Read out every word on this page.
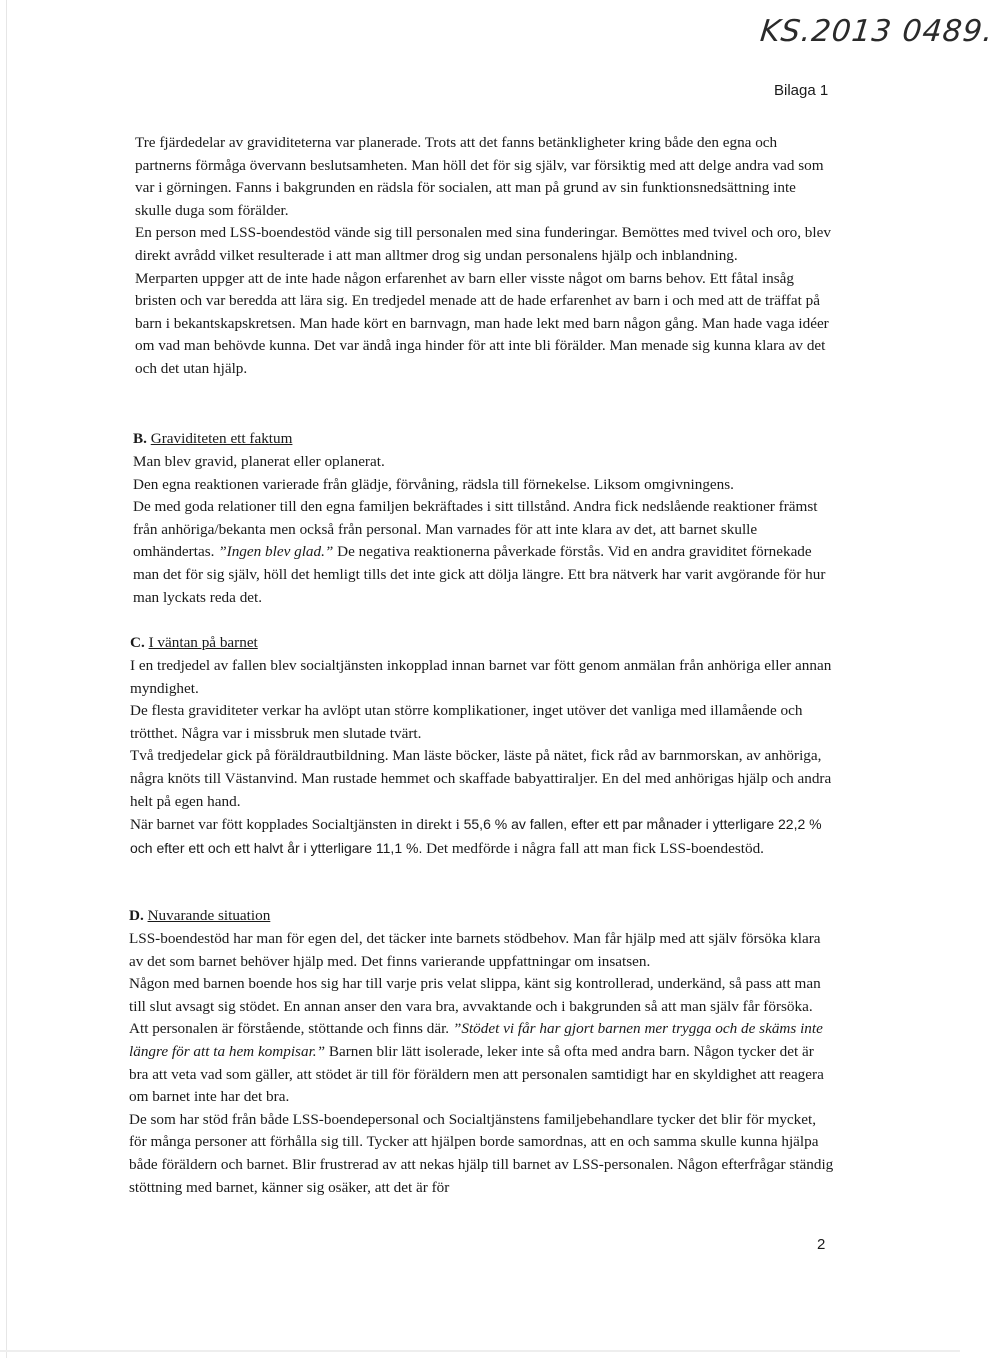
KS.2013 0489.
Bilaga 1

Tre fjärdedelar av graviditeterna var planerade. Trots att det fanns betänkligheter kring både den egna och partnerns förmåga övervann beslutsamheten. Man höll det för sig själv, var försiktig med att delge andra vad som var i görningen. Fanns i bakgrunden en rädsla för socialen, att man på grund av sin funktionsnedsättning inte skulle duga som förälder.

En person med LSS-boendestöd vände sig till personalen med sina funderingar. Bemöttes med tvivel och oro, blev direkt avrådd vilket resulterade i att man alltmer drog sig undan personalens hjälp och inblandning.

Merparten uppger att de inte hade någon erfarenhet av barn eller visste något om barns behov. Ett fåtal insåg bristen och var beredda att lära sig. En tredjedel menade att de hade erfarenhet av barn i och med att de träffat på barn i bekantskapskretsen. Man hade kört en barnvagn, man hade lekt med barn någon gång. Man hade vaga idéer om vad man behövde kunna. Det var ändå inga hinder för att inte bli förälder. Man menade sig kunna klara av det och det utan hjälp.

B. Graviditeten ett faktum

Man blev gravid, planerat eller oplanerat.

Den egna reaktionen varierade från glädje, förvåning, rädsla till förnekelse. Liksom omgivningens.

De med goda relationer till den egna familjen bekräftades i sitt tillstånd. Andra fick nedslående reaktioner främst från anhöriga/bekanta men också från personal. Man varnades för att inte klara av det, att barnet skulle omhändertas. ”Ingen blev glad.” De negativa reaktionerna påverkade förstås. Vid en andra graviditet förnekade man det för sig själv, höll det hemligt tills det inte gick att dölja längre. Ett bra nätverk har varit avgörande för hur man lyckats reda det.

C. I väntan på barnet

I en tredjedel av fallen blev socialtjänsten inkopplad innan barnet var fött genom anmälan från anhöriga eller annan myndighet.

De flesta graviditeter verkar ha avlöpt utan större komplikationer, inget utöver det vanliga med illamående och trötthet. Några var i missbruk men slutade tvärt.

Två tredjedelar gick på föräldrautbildning. Man läste böcker, läste på nätet, fick råd av barnmorskan, av anhöriga, några knöts till Västanvind. Man rustade hemmet och skaffade babyattiraljer. En del med anhörigas hjälp och andra helt på egen hand.

När barnet var fött kopplades Socialtjänsten in direkt i 55,6 % av fallen, efter ett par månader i ytterligare 22,2 % och efter ett och ett halvt år i ytterligare 11,1 %. Det medförde i några fall att man fick LSS-boendestöd.

D. Nuvarande situation

LSS-boendestöd har man för egen del, det täcker inte barnets stödbehov. Man får hjälp med att själv försöka klara av det som barnet behöver hjälp med. Det finns varierande uppfattningar om insatsen.

Någon med barnen boende hos sig har till varje pris velat slippa, känt sig kontrollerad, underkänd, så pass att man till slut avsagt sig stödet. En annan anser den vara bra, avvaktande och i bakgrunden så att man själv får försöka. Att personalen är förstående, stöttande och finns där. ”Stödet vi får har gjort barnen mer trygga och de skäms inte längre för att ta hem kompisar.” Barnen blir lätt isolerade, leker inte så ofta med andra barn. Någon tycker det är bra att veta vad som gäller, att stödet är till för föräldern men att personalen samtidigt har en skyldighet att reagera om barnet inte har det bra.

De som har stöd från både LSS-boendepersonal och Socialtjänstens familjebehandlare tycker det blir för mycket, för många personer att förhålla sig till. Tycker att hjälpen borde samordnas, att en och samma skulle kunna hjälpa både föräldern och barnet. Blir frustrerad av att nekas hjälp till barnet av LSS-personalen. Någon efterfrågar ständig stöttning med barnet, känner sig osäker, att det är för

2
